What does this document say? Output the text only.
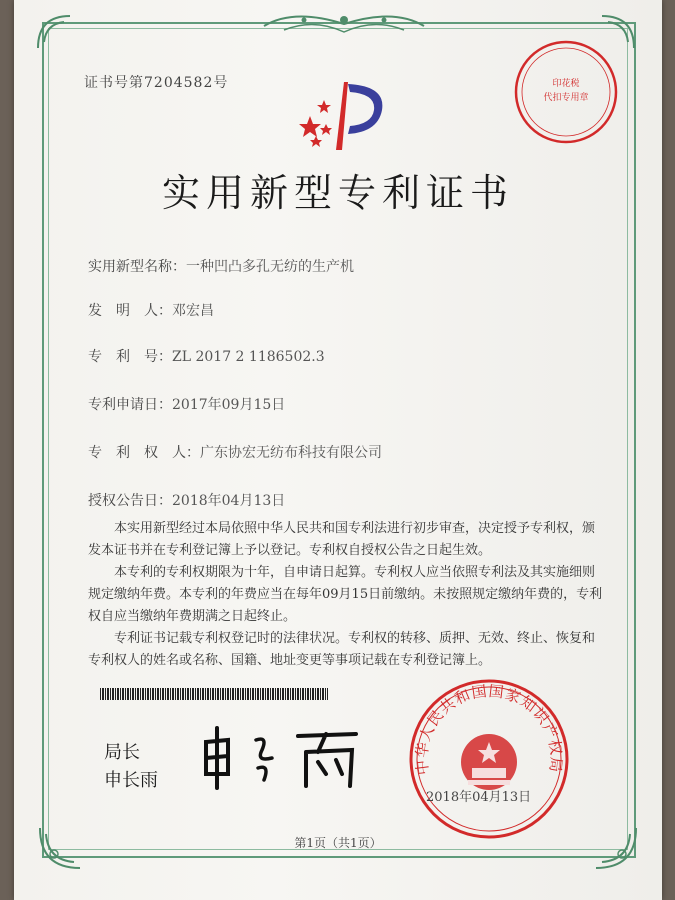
证书号第7204582号	印花税
代扣专用章
实用新型专利证书
实用新型名称：一种凹凸多孔无纺的生产机
发　明　人：邓宏昌
专　利　号：ZL 2017 2 1186502.3
专利申请日：2017年09月15日
专　利　权　人：广东协宏无纺布科技有限公司
授权公告日：2018年04月13日
本实用新型经过本局依照中华人民共和国专利法进行初步审查，决定授予专利权，颁发本证书并在专利登记簿上予以登记。专利权自授权公告之日起生效。
本专利的专利权期限为十年，自申请日起算。专利权人应当依照专利法及其实施细则规定缴纳年费。本专利的年费应当在每年09月15日前缴纳。未按照规定缴纳年费的，专利权自应当缴纳年费期满之日起终止。
专利证书记载专利权登记时的法律状况。专利权的转移、质押、无效、终止、恢复和专利权人的姓名或名称、国籍、地址变更等事项记载在专利登记簿上。
局长
申长雨
中华人民共和国国家知识产权局
2018年04月13日
第1页（共1页）
